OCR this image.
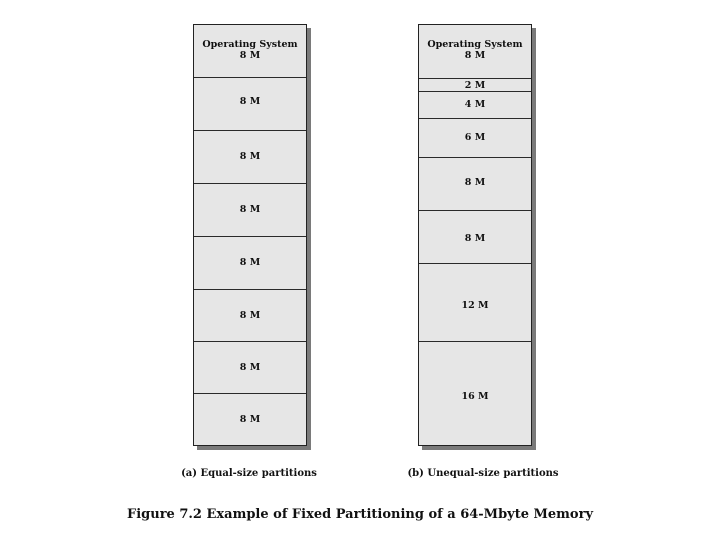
Operating System
8 M
8 M
8 M
8 M
8 M
8 M
8 M
8 M
Operating System
8 M
2 M
4 M
6 M
8 M
8 M
12 M
16 M
(a) Equal-size partitions	(b) Unequal-size partitions
Figure 7.2 Example of Fixed Partitioning of a 64-Mbyte Memory
